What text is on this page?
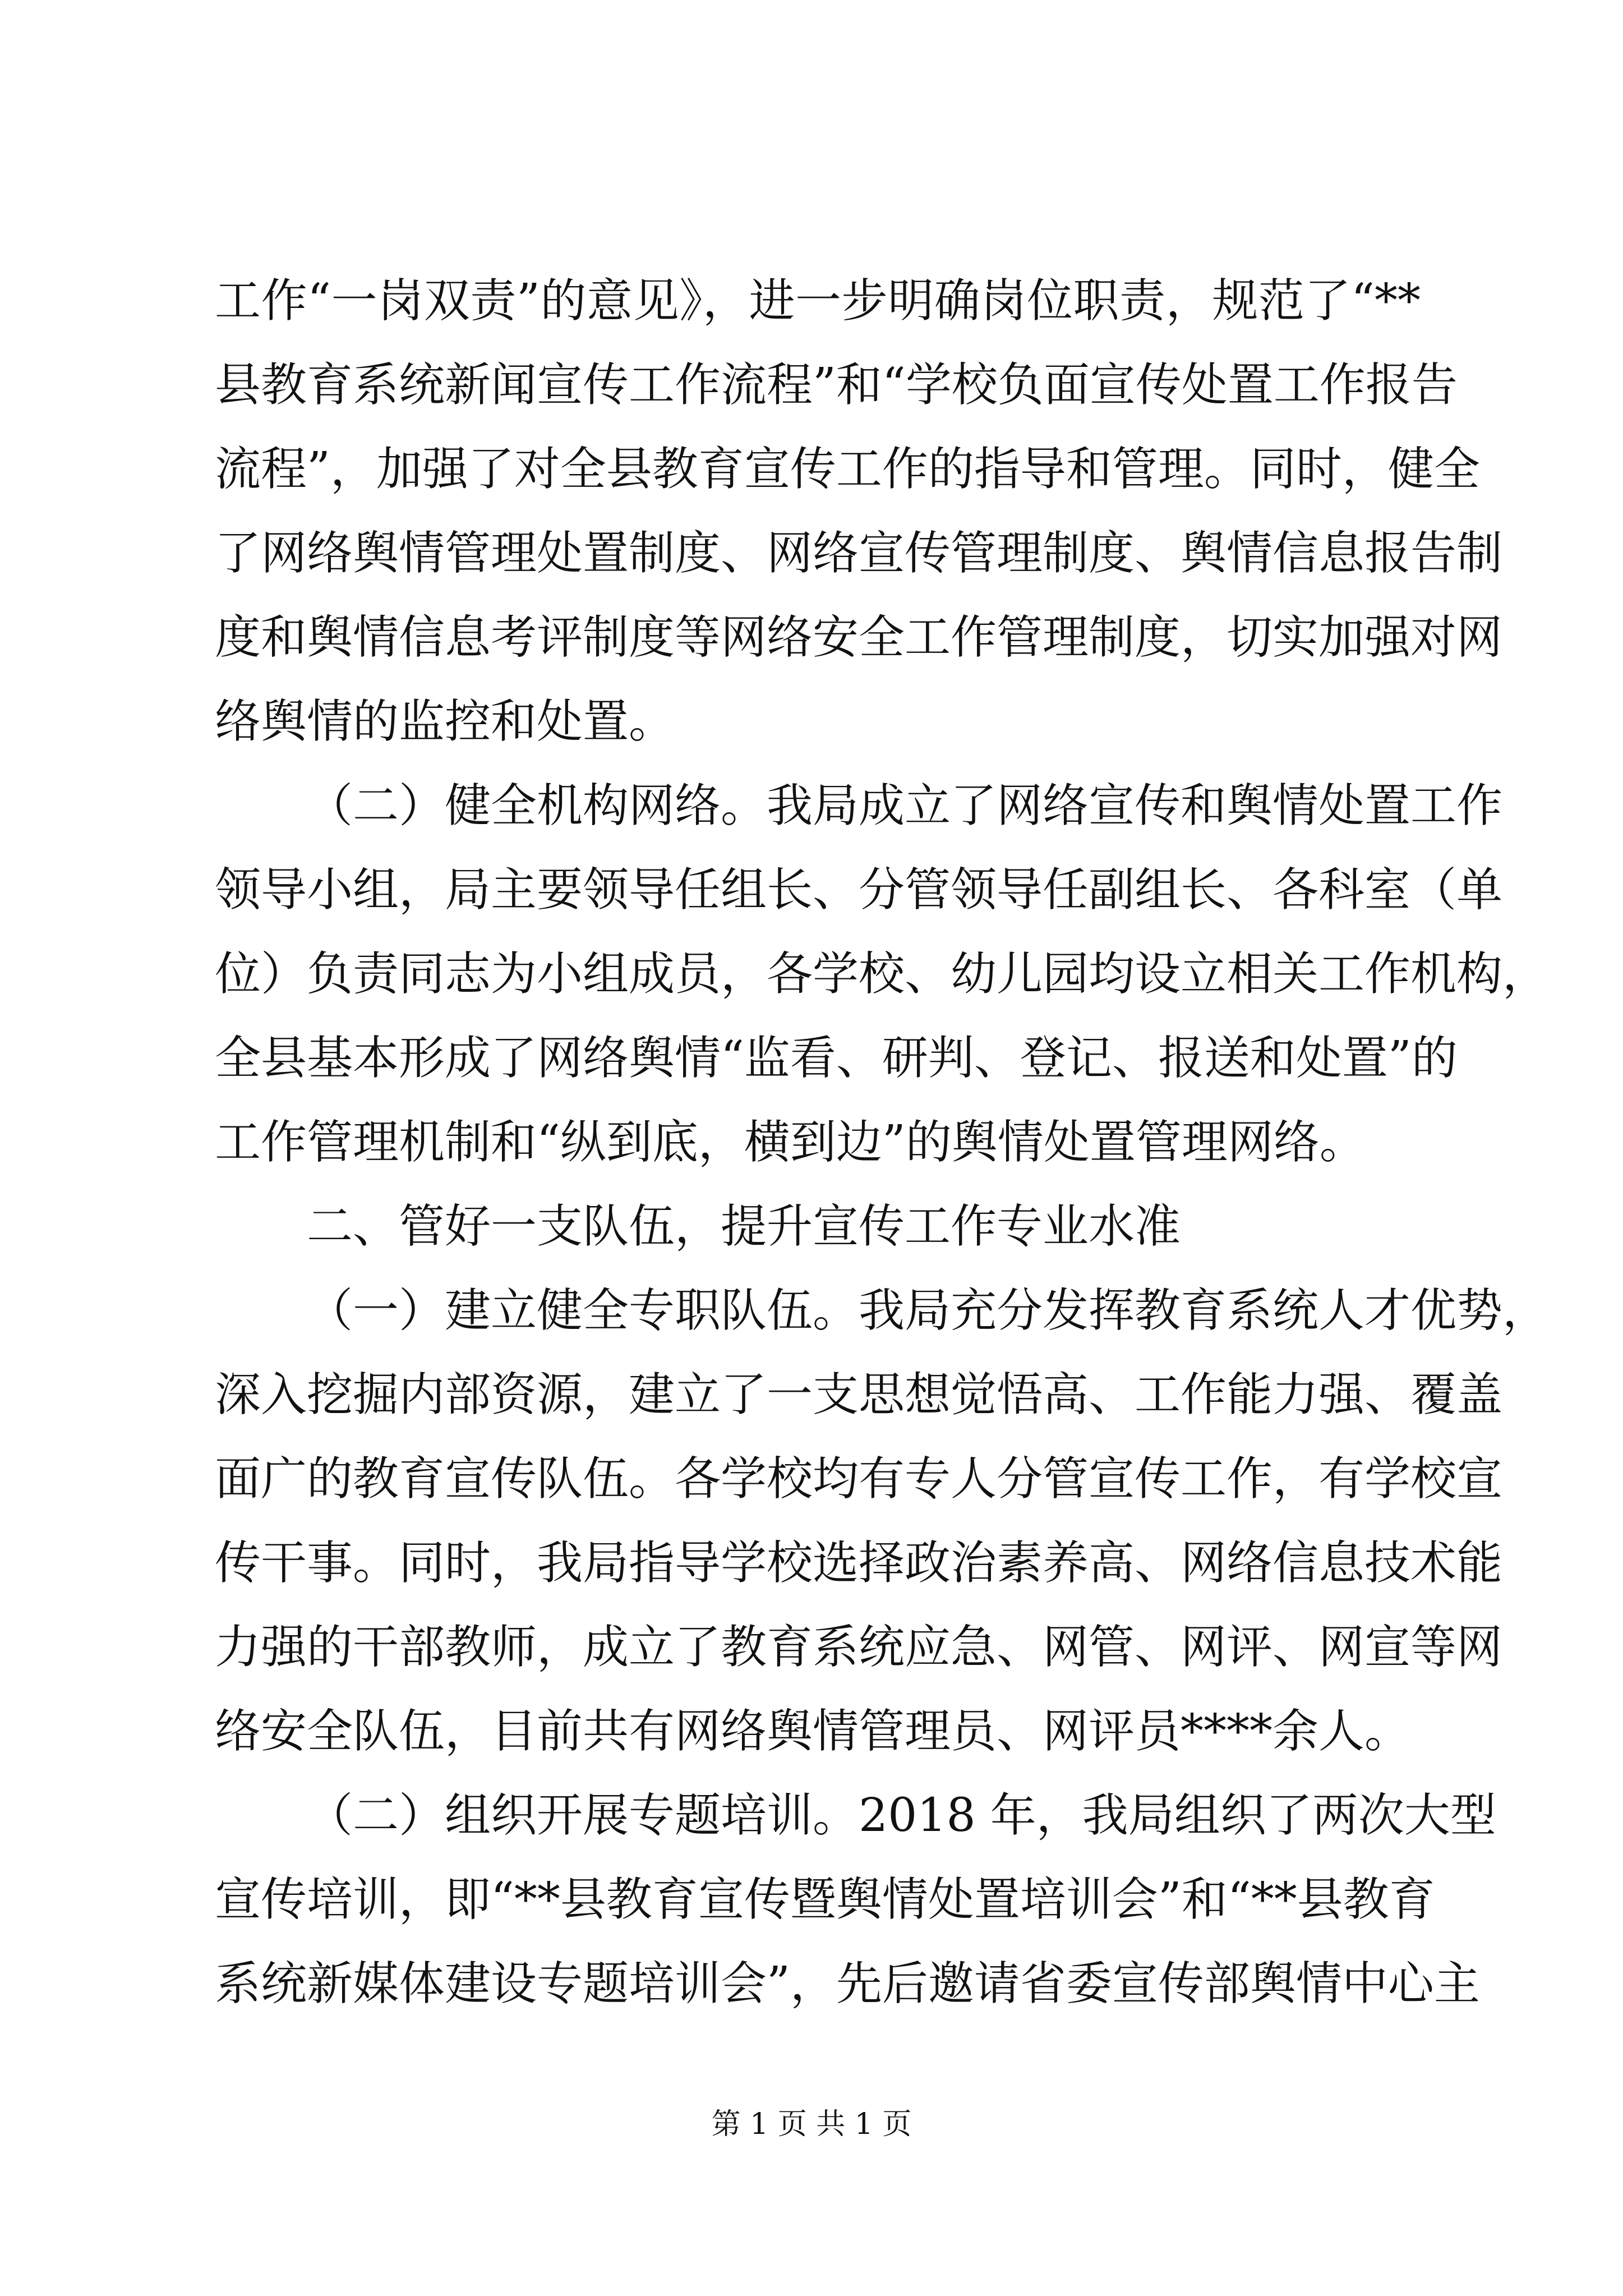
工作“一岗双责”的意见》，进一步明确岗位职责，规范了“**
县教育系统新闻宣传工作流程”和“学校负面宣传处置工作报告
流程”，加强了对全县教育宣传工作的指导和管理。同时，健全
了网络舆情管理处置制度、网络宣传管理制度、舆情信息报告制
度和舆情信息考评制度等网络安全工作管理制度，切实加强对网
络舆情的监控和处置。
（二）健全机构网络。我局成立了网络宣传和舆情处置工作
领导小组，局主要领导任组长、分管领导任副组长、各科室（单
位）负责同志为小组成员，各学校、幼儿园均设立相关工作机构，
全县基本形成了网络舆情“监看、研判、登记、报送和处置”的
工作管理机制和“纵到底，横到边”的舆情处置管理网络。
二、管好一支队伍，提升宣传工作专业水准
（一）建立健全专职队伍。我局充分发挥教育系统人才优势，
深入挖掘内部资源，建立了一支思想觉悟高、工作能力强、覆盖
面广的教育宣传队伍。各学校均有专人分管宣传工作，有学校宣
传干事。同时，我局指导学校选择政治素养高、网络信息技术能
力强的干部教师，成立了教育系统应急、网管、网评、网宣等网
络安全队伍，目前共有网络舆情管理员、网评员****余人。
（二）组织开展专题培训。2018 年，我局组织了两次大型
宣传培训，即“**县教育宣传暨舆情处置培训会”和“**县教育
系统新媒体建设专题培训会”，先后邀请省委宣传部舆情中心主
第 1 页 共 1 页
